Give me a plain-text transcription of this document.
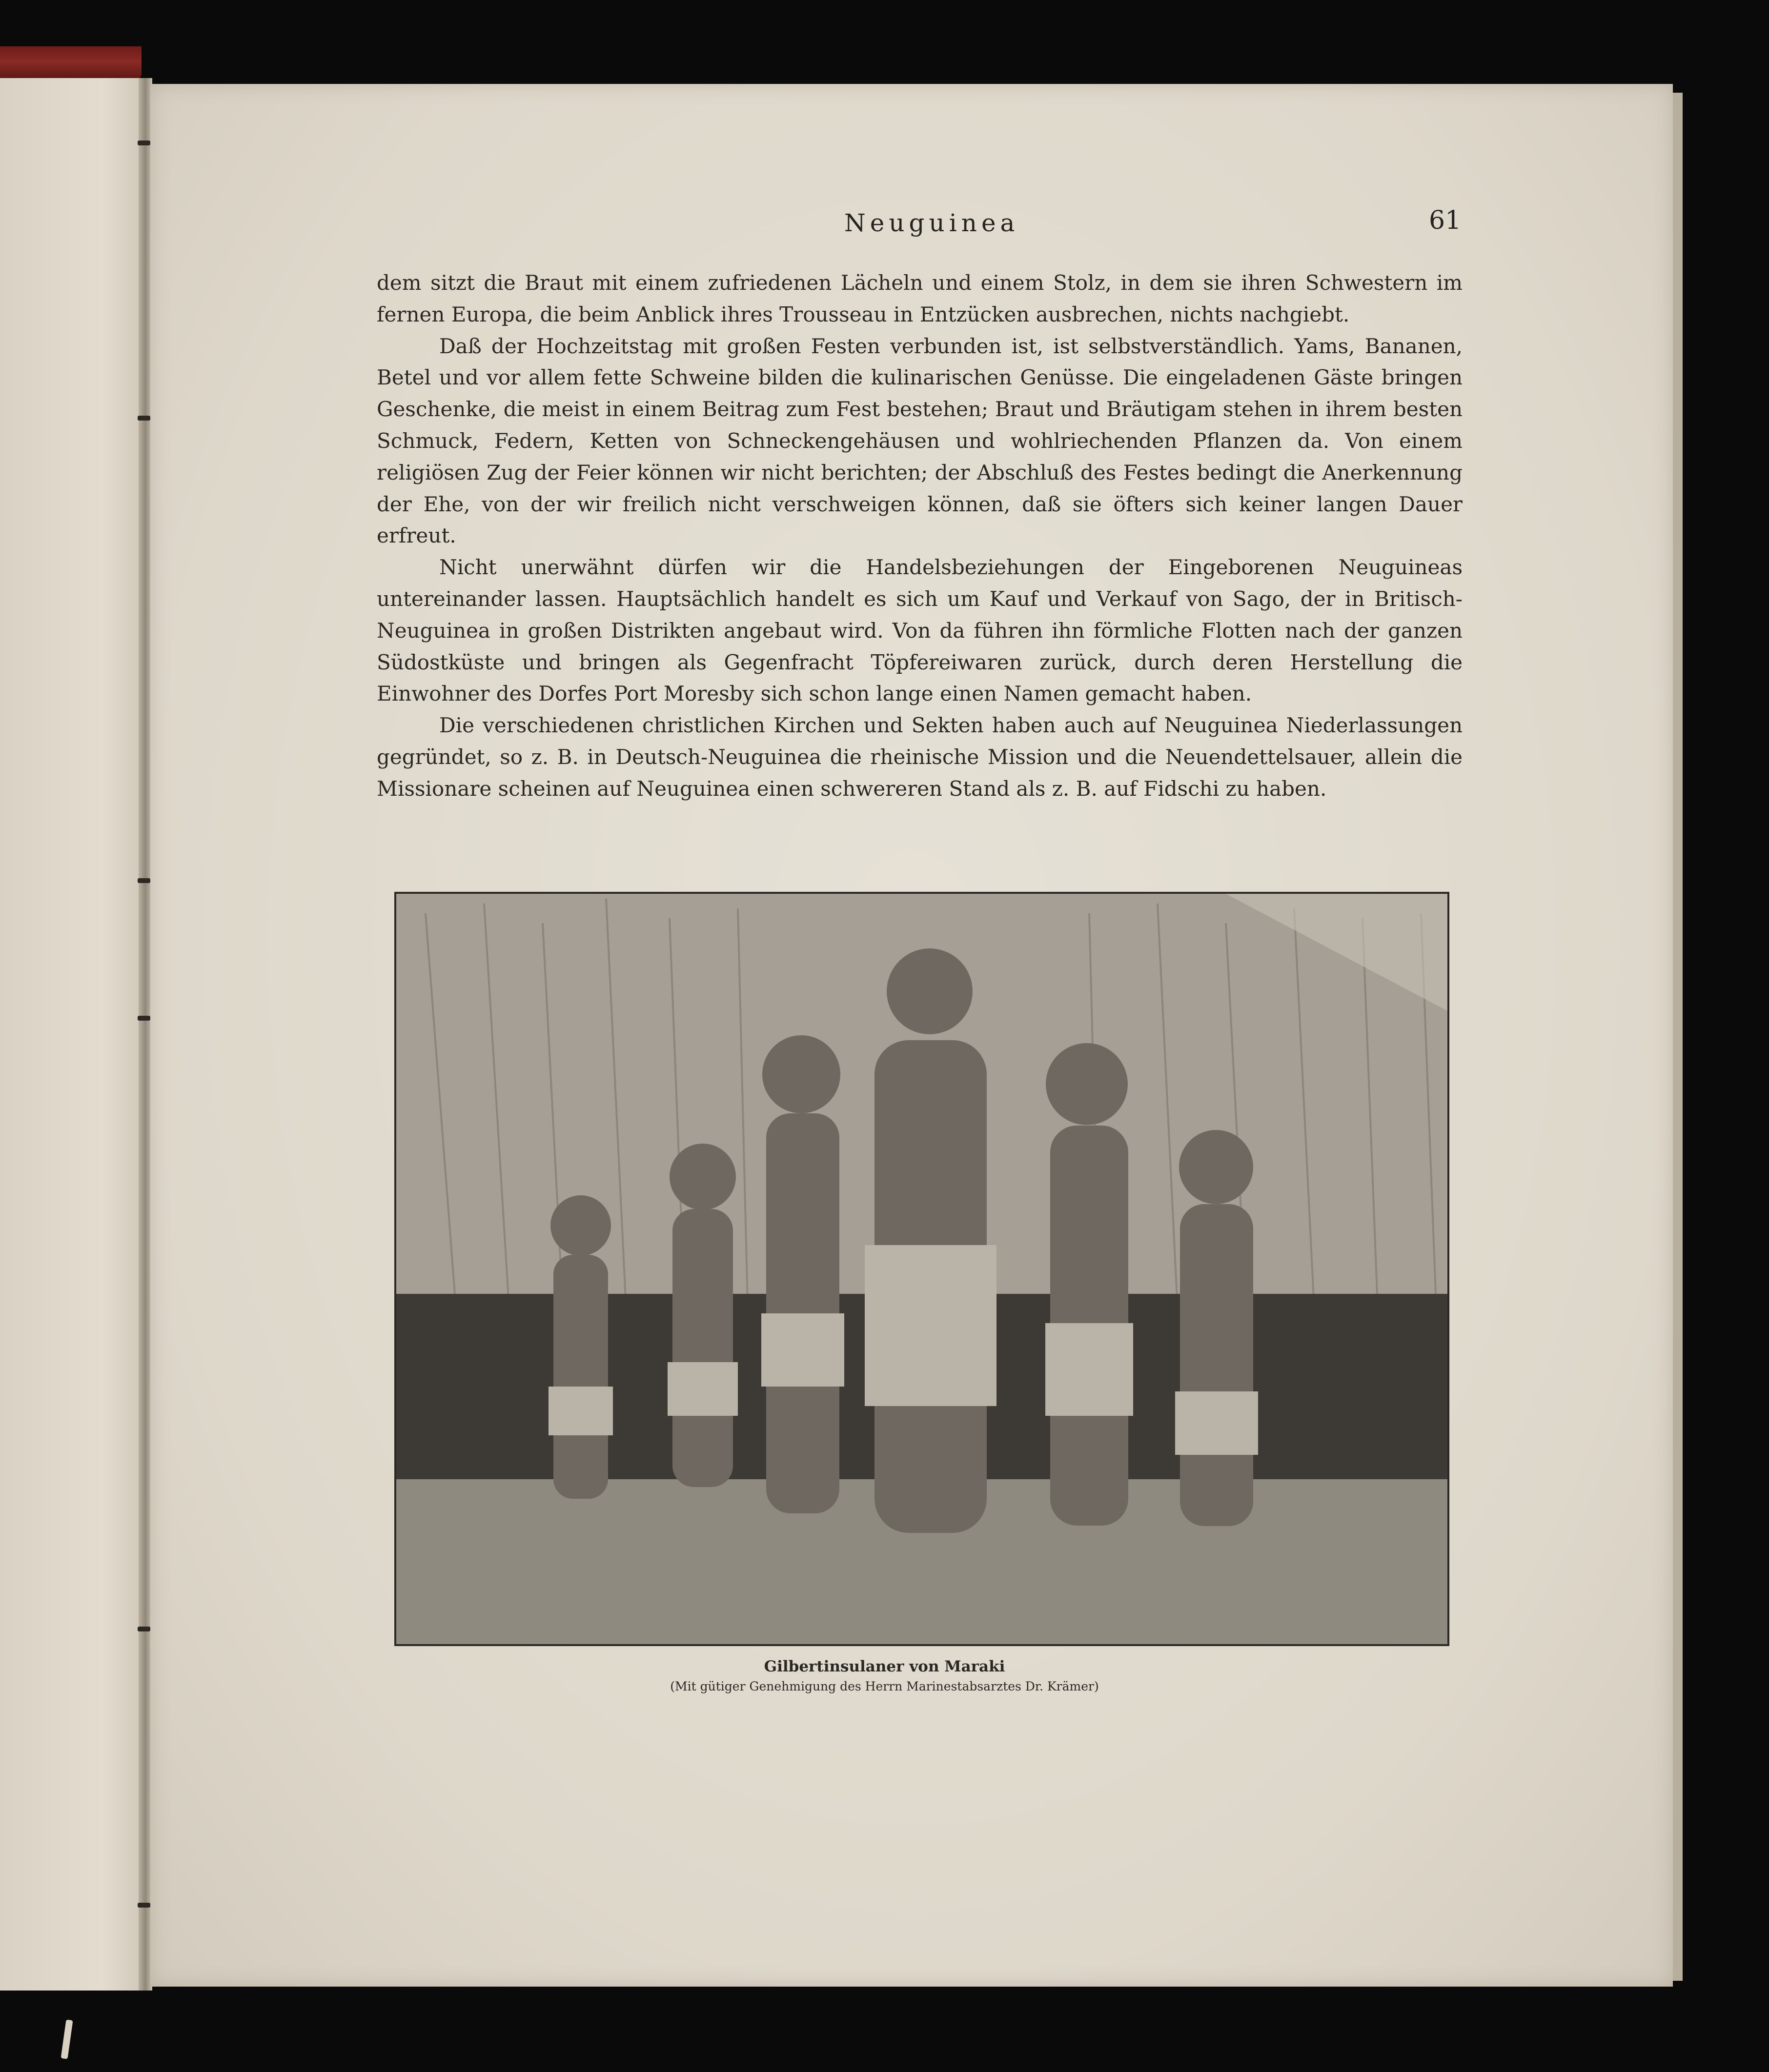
Neuguinea	61

dem sitzt die Braut mit einem zufriedenen Lächeln und einem Stolz, in dem sie ihren Schwestern im fernen Europa, die beim Anblick ihres Trousseau in Entzücken ausbrechen, nichts nachgiebt.

Daß der Hochzeitstag mit großen Festen verbunden ist, ist selbstverständlich. Yams, Bananen, Betel und vor allem fette Schweine bilden die kulinarischen Genüsse. Die eingeladenen Gäste bringen Geschenke, die meist in einem Beitrag zum Fest bestehen; Braut und Bräutigam stehen in ihrem besten Schmuck, Federn, Ketten von Schneckengehäusen und wohlriechenden Pflanzen da. Von einem religiösen Zug der Feier können wir nicht berichten; der Abschluß des Festes bedingt die Anerkennung der Ehe, von der wir freilich nicht verschweigen können, daß sie öfters sich keiner langen Dauer erfreut.

Nicht unerwähnt dürfen wir die Handelsbeziehungen der Eingeborenen Neuguineas untereinander lassen. Hauptsächlich handelt es sich um Kauf und Verkauf von Sago, der in Britisch-Neuguinea in großen Distrikten angebaut wird. Von da führen ihn förmliche Flotten nach der ganzen Südostküste und bringen als Gegenfracht Töpfereiwaren zurück, durch deren Herstellung die Einwohner des Dorfes Port Moresby sich schon lange einen Namen gemacht haben.

Die verschiedenen christlichen Kirchen und Sekten haben auch auf Neuguinea Niederlassungen gegründet, so z. B. in Deutsch-Neuguinea die rheinische Mission und die Neuendettelsauer, allein die Missionare scheinen auf Neuguinea einen schwereren Stand als z. B. auf Fidschi zu haben.

Gilbertinsulaner von Maraki
(Mit gütiger Genehmigung des Herrn Marinestabsarztes Dr. Krämer)
